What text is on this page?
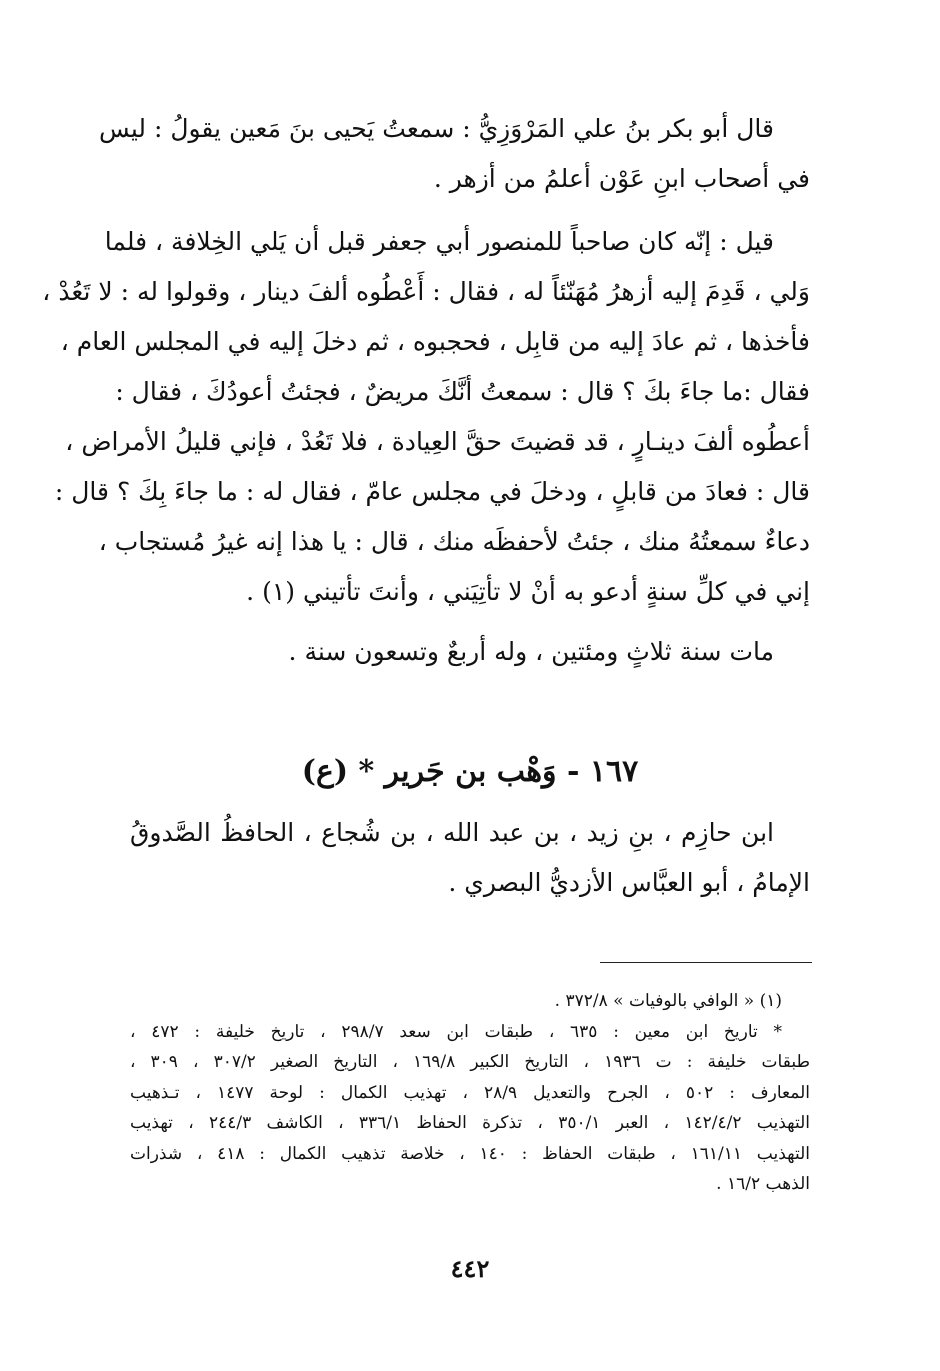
قال أبو بكر بنُ علي المَرْوَزِيُّ : سمعتُ يَحيى بنَ مَعين يقولُ : ليس
في أصحاب ابنِ عَوْن أعلمُ من أزهر .
قيل : إنّه كان صاحباً للمنصور أبي جعفر قبل أن يَلي الخِلافة ، فلما
وَلي ، قَدِمَ إليه أزهرُ مُهَنّئاً له ، فقال : أَعْطُوه ألفَ دينار ، وقولوا له : لا تَعُدْ ،
فأخذها ، ثم عادَ إليه من قابِل ، فحجبوه ، ثم دخلَ إليه في المجلس العام ،
فقال :ما جاءَ بكَ ؟ قال : سمعتُ أنَّكَ مريضٌ ، فجئتُ أعودُكَ ، فقال :
أعطُوه ألفَ دينـارٍ ، قد قضيتَ حقَّ العِيادة ، فلا تَعُدْ ، فإني قليلُ الأمراض ،
قال : فعادَ من قابلٍ ، ودخلَ في مجلس عامّ ، فقال له : ما جاءَ بِكَ ؟ قال :
دعاءٌ سمعتُهُ منك ، جئتُ لأحفظَه منك ، قال : يا هذا إنه غيرُ مُستجاب ،
إني في كلِّ سنةٍ أدعو به أنْ لا تأتِيَني ، وأنتَ تأتيني (١) .
مات سنة ثلاثٍ ومئتين ، وله أربعٌ وتسعون سنة .
١٦٧ - وَهْب بن جَرير * (ع)
ابن حازِم ، بنِ زيد ، بن عبد الله ، بن شُجاع ، الحافظُ الصَّدوقُ
الإمامُ ، أبو العبَّاس الأزديُّ البصري .
(١) « الوافي بالوفيات » ٣٧٢/٨ .
* تاريخ ابن معين : ٦٣٥ ، طبقات ابن سعد ٢٩٨/٧ ، تاريخ خليفة : ٤٧٢ ،
طبقات خليفة : ت ١٩٣٦ ، التاريخ الكبير ١٦٩/٨ ، التاريخ الصغير ٣٠٧/٢ ، ٣٠٩ ،
المعارف : ٥٠٢ ، الجرح والتعديل ٢٨/٩ ، تهذيب الكمال : لوحة ١٤٧٧ ، تـذهيب
التهذيب ١٤٢/٤/٢ ، العبر ٣٥٠/١ ، تذكرة الحفاظ ٣٣٦/١ ، الكاشف ٢٤٤/٣ ، تهذيب
التهذيب ١٦١/١١ ، طبقات الحفاظ : ١٤٠ ، خلاصة تذهيب الكمال : ٤١٨ ، شذرات
الذهب ١٦/٢ .
٤٤٢
